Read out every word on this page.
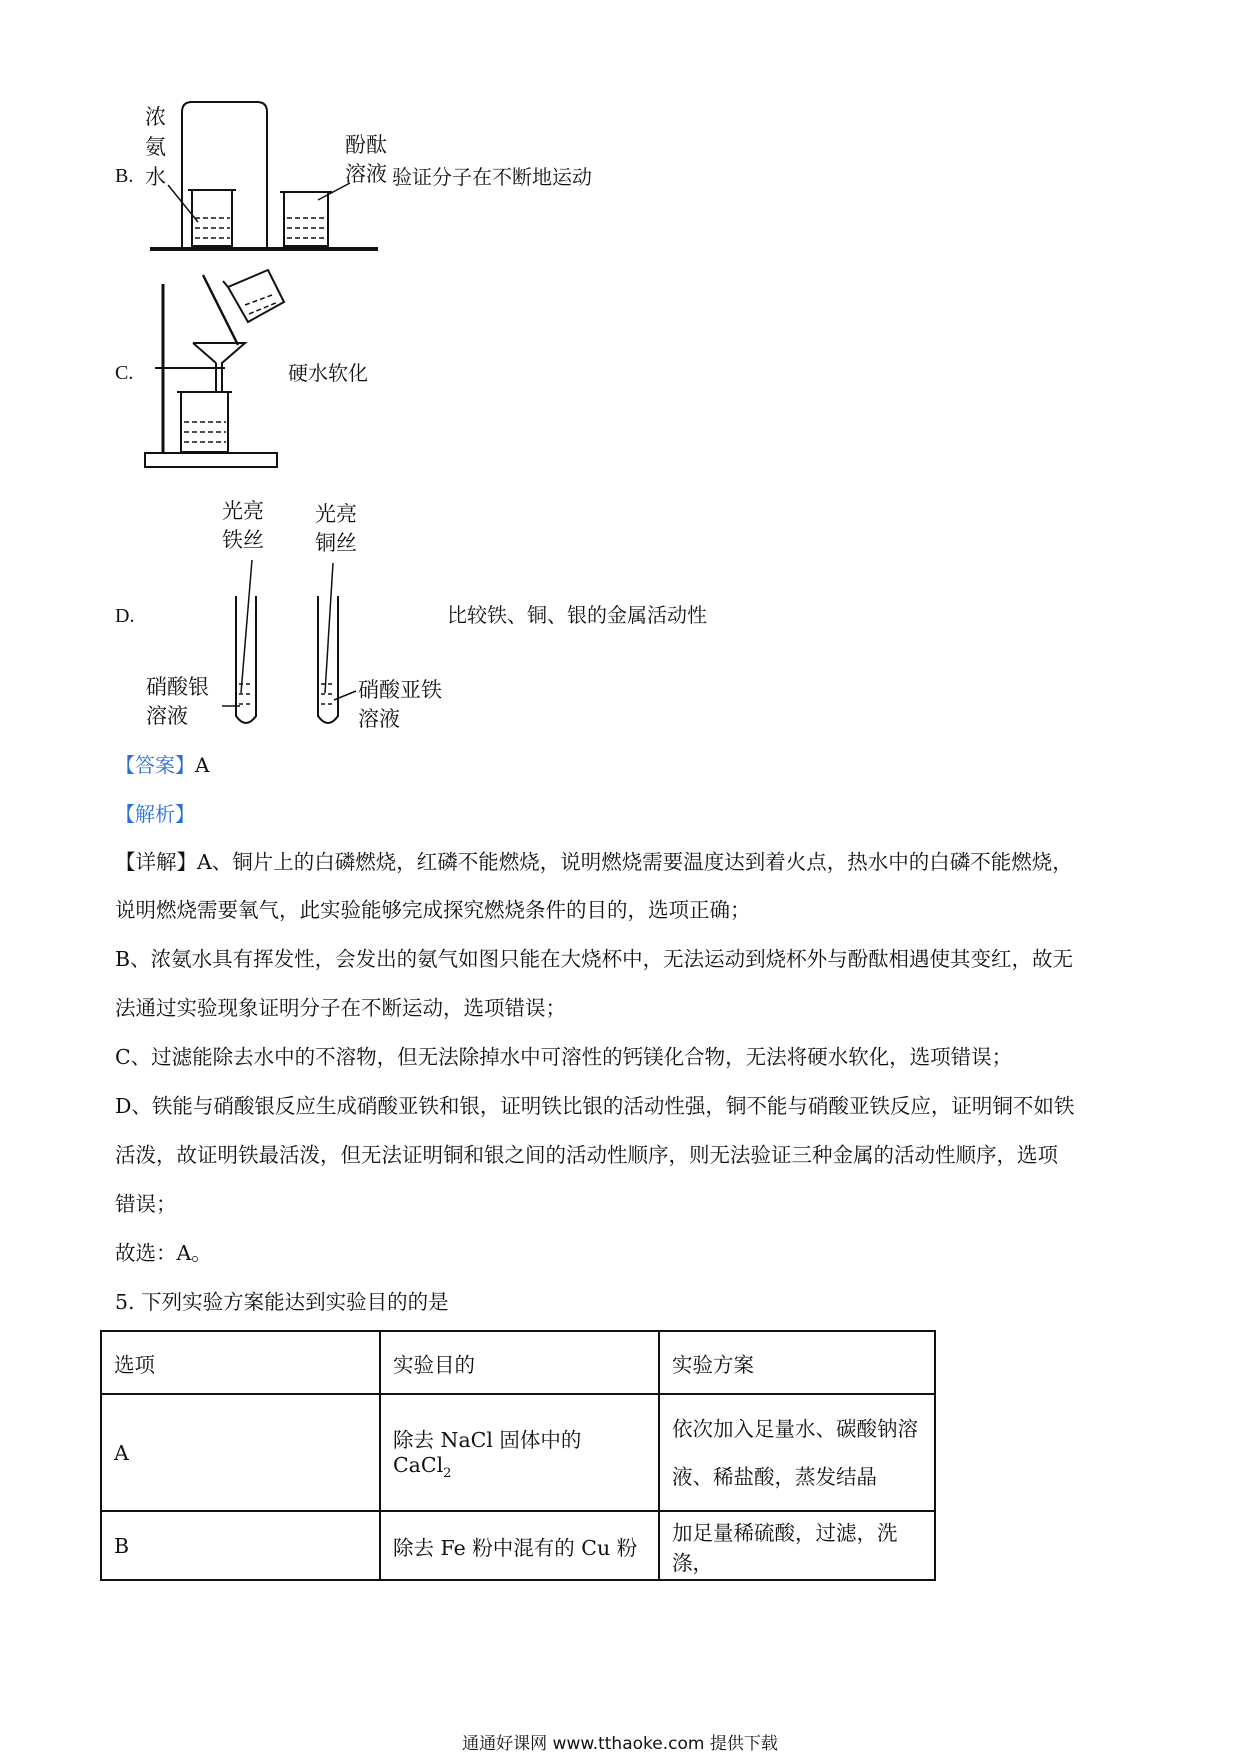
B.
浓
氨
水
酚酞
溶液 验证分子在不断地运动
C.	硬水软化
D.
光亮
铁丝
光亮
铜丝
硝酸银
溶液
硝酸亚铁
溶液
比较铁、铜、银的金属活动性
【答案】A
【解析】
【详解】A、铜片上的白磷燃烧，红磷不能燃烧，说明燃烧需要温度达到着火点，热水中的白磷不能燃烧，
说明燃烧需要氧气，此实验能够完成探究燃烧条件的目的，选项正确；
B、浓氨水具有挥发性，会发出的氨气如图只能在大烧杯中，无法运动到烧杯外与酚酞相遇使其变红，故无
法通过实验现象证明分子在不断运动，选项错误；
C、过滤能除去水中的不溶物，但无法除掉水中可溶性的钙镁化合物，无法将硬水软化，选项错误；
D、铁能与硝酸银反应生成硝酸亚铁和银，证明铁比银的活动性强，铜不能与硝酸亚铁反应，证明铜不如铁
活泼，故证明铁最活泼，但无法证明铜和银之间的活动性顺序，则无法验证三种金属的活动性顺序，选项
错误；
故选：A。
5. 下列实验方案能达到实验目的的是
选项	实验目的	实验方案
A	除去 NaCl 固体中的 CaCl$_2$	依次加入足量水、碳酸钠溶
液、稀盐酸，蒸发结晶
B	除去 Fe 粉中混有的 Cu 粉	加足量稀硫酸，过滤，洗涤，
通通好课网 www.tthaoke.com 提供下载
